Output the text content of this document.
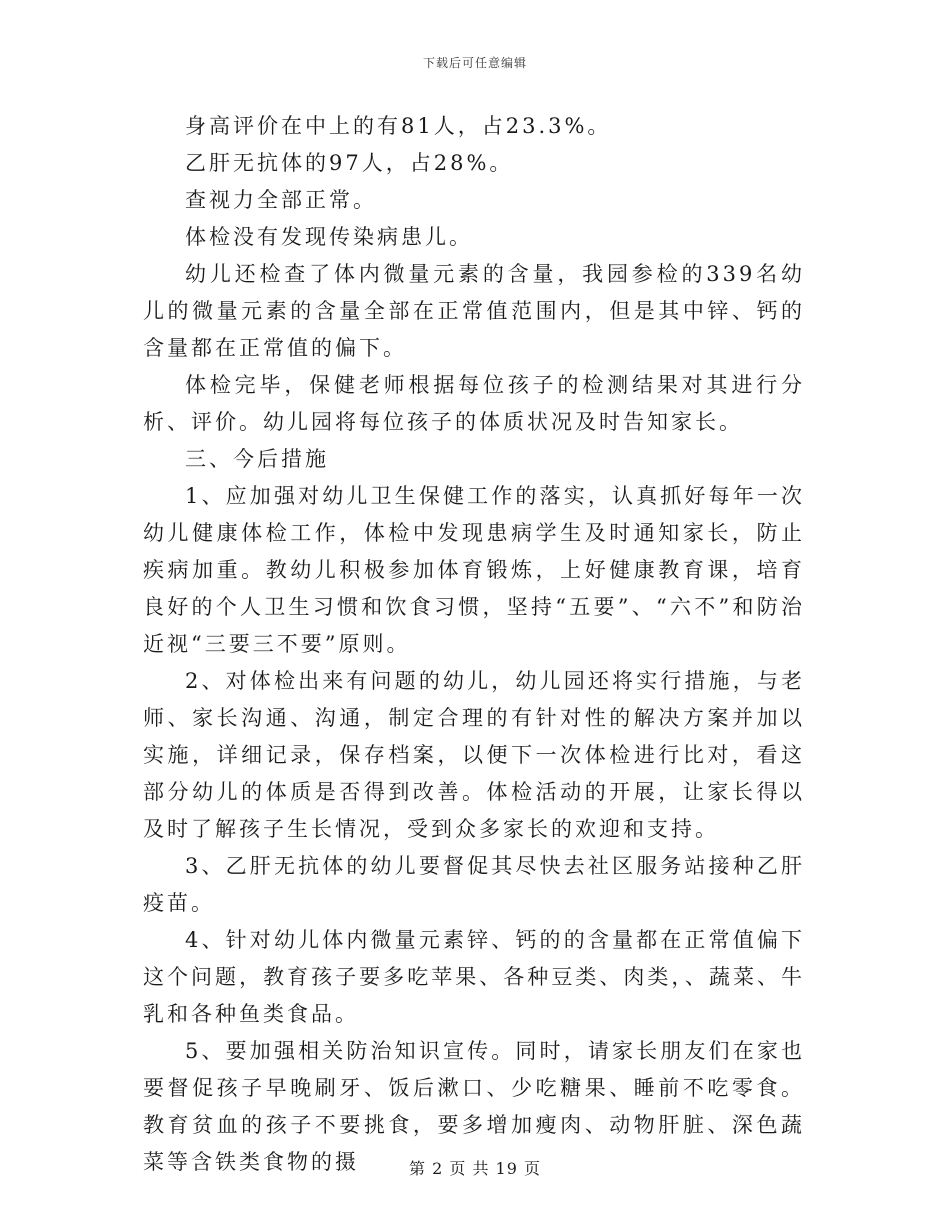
下载后可任意编辑

身高评价在中上的有81人，占23.3%。

乙肝无抗体的97人，占28%。

查视力全部正常。

体检没有发现传染病患儿。

幼儿还检查了体内微量元素的含量，我园参检的339名幼儿的微量元素的含量全部在正常值范围内，但是其中锌、钙的含量都在正常值的偏下。

体检完毕，保健老师根据每位孩子的检测结果对其进行分析、评价。幼儿园将每位孩子的体质状况及时告知家长。

三、今后措施

1、应加强对幼儿卫生保健工作的落实，认真抓好每年一次幼儿健康体检工作，体检中发现患病学生及时通知家长，防止疾病加重。教幼儿积极参加体育锻炼，上好健康教育课，培育良好的个人卫生习惯和饮食习惯，坚持“五要”、“六不”和防治近视“三要三不要”原则。

2、对体检出来有问题的幼儿，幼儿园还将实行措施，与老师、家长沟通、沟通，制定合理的有针对性的解决方案并加以实施，详细记录，保存档案，以便下一次体检进行比对，看这部分幼儿的体质是否得到改善。体检活动的开展，让家长得以及时了解孩子生长情况，受到众多家长的欢迎和支持。

3、乙肝无抗体的幼儿要督促其尽快去社区服务站接种乙肝疫苗。

4、针对幼儿体内微量元素锌、钙的的含量都在正常值偏下这个问题，教育孩子要多吃苹果、各种豆类、肉类，、蔬菜、牛乳和各种鱼类食品。

5、要加强相关防治知识宣传。同时，请家长朋友们在家也要督促孩子早晚刷牙、饭后漱口、少吃糖果、睡前不吃零食。教育贫血的孩子不要挑食，要多增加瘦肉、动物肝脏、深色蔬菜等含铁类食物的摄	第 2 页 共 19 页
